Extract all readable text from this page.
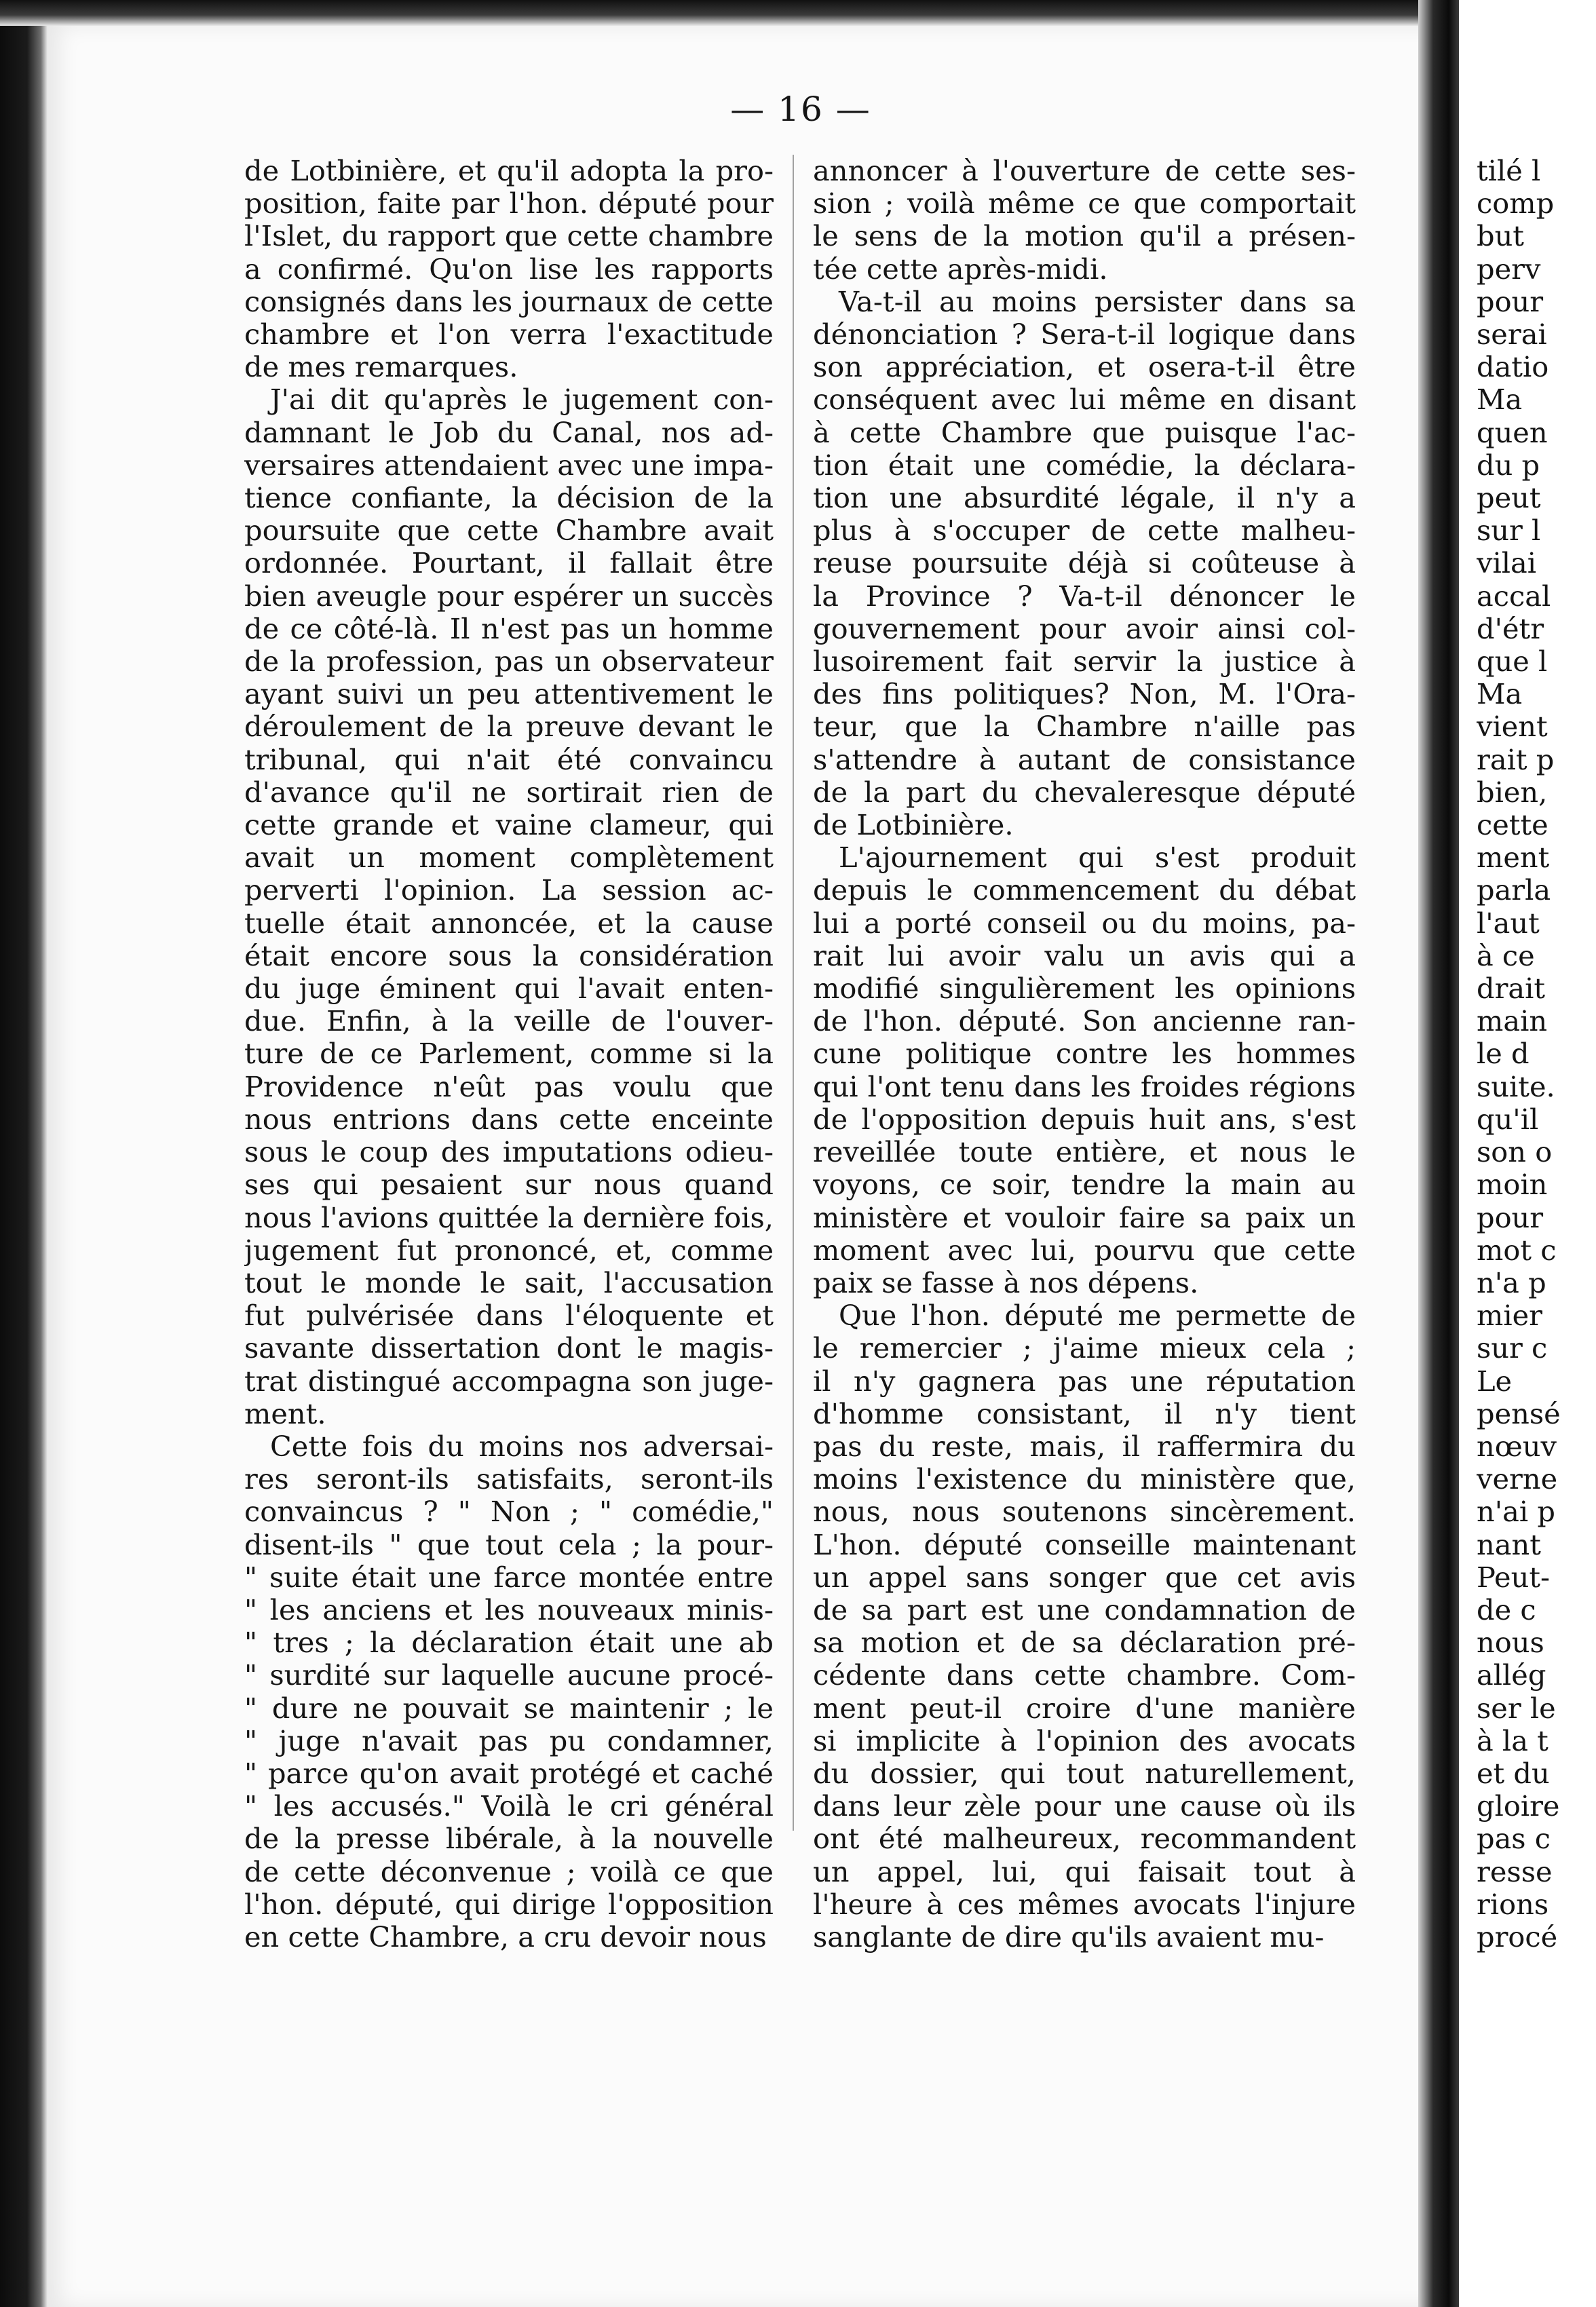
— 16 —
de Lotbinière, et qu'il adopta la pro-
position, faite par l'hon. député pour
l'Islet, du rapport que cette chambre
a confirmé. Qu'on lise les rapports
consignés dans les journaux de cette
chambre et l'on verra l'exactitude
de mes remarques.
J'ai dit qu'après le jugement con-
damnant le Job du Canal, nos ad-
versaires attendaient avec une impa-
tience confiante, la décision de la
poursuite que cette Chambre avait
ordonnée. Pourtant, il fallait être
bien aveugle pour espérer un succès
de ce côté-là. Il n'est pas un homme
de la profession, pas un observateur
ayant suivi un peu attentivement le
déroulement de la preuve devant le
tribunal, qui n'ait été convaincu
d'avance qu'il ne sortirait rien de
cette grande et vaine clameur, qui
avait un moment complètement
perverti l'opinion. La session ac-
tuelle était annoncée, et la cause
était encore sous la considération
du juge éminent qui l'avait enten-
due. Enfin, à la veille de l'ouver-
ture de ce Parlement, comme si la
Providence n'eût pas voulu que
nous entrions dans cette enceinte
sous le coup des imputations odieu-
ses qui pesaient sur nous quand
nous l'avions quittée la dernière fois,
jugement fut prononcé, et, comme
tout le monde le sait, l'accusation
fut pulvérisée dans l'éloquente et
savante dissertation dont le magis-
trat distingué accompagna son juge-
ment.
Cette fois du moins nos adversai-
res seront-ils satisfaits, seront-ils
convaincus ? " Non ; " comédie,"
disent-ils " que tout cela ; la pour-
" suite était une farce montée entre
" les anciens et les nouveaux minis-
" tres ; la déclaration était une ab
" surdité sur laquelle aucune procé-
" dure ne pouvait se maintenir ; le
" juge n'avait pas pu condamner,
" parce qu'on avait protégé et caché
" les accusés." Voilà le cri général
de la presse libérale, à la nouvelle
de cette déconvenue ; voilà ce que
l'hon. député, qui dirige l'opposition
en cette Chambre, a cru devoir nous
annoncer à l'ouverture de cette ses-
sion ; voilà même ce que comportait
le sens de la motion qu'il a présen-
tée cette après-midi.
Va-t-il au moins persister dans sa
dénonciation ? Sera-t-il logique dans
son appréciation, et osera-t-il être
conséquent avec lui même en disant
à cette Chambre que puisque l'ac-
tion était une comédie, la déclara-
tion une absurdité légale, il n'y a
plus à s'occuper de cette malheu-
reuse poursuite déjà si coûteuse à
la Province ? Va-t-il dénoncer le
gouvernement pour avoir ainsi col-
lusoirement fait servir la justice à
des fins politiques? Non, M. l'Ora-
teur, que la Chambre n'aille pas
s'attendre à autant de consistance
de la part du chevaleresque député
de Lotbinière.
L'ajournement qui s'est produit
depuis le commencement du débat
lui a porté conseil ou du moins, pa-
rait lui avoir valu un avis qui a
modifié singulièrement les opinions
de l'hon. député. Son ancienne ran-
cune politique contre les hommes
qui l'ont tenu dans les froides régions
de l'opposition depuis huit ans, s'est
reveillée toute entière, et nous le
voyons, ce soir, tendre la main au
ministère et vouloir faire sa paix un
moment avec lui, pourvu que cette
paix se fasse à nos dépens.
Que l'hon. député me permette de
le remercier ; j'aime mieux cela ;
il n'y gagnera pas une réputation
d'homme consistant, il n'y tient
pas du reste, mais, il raffermira du
moins l'existence du ministère que,
nous, nous soutenons sincèrement.
L'hon. député conseille maintenant
un appel sans songer que cet avis
de sa part est une condamnation de
sa motion et de sa déclaration pré-
cédente dans cette chambre. Com-
ment peut-il croire d'une manière
si implicite à l'opinion des avocats
du dossier, qui tout naturellement,
dans leur zèle pour une cause où ils
ont été malheureux, recommandent
un appel, lui, qui faisait tout à
l'heure à ces mêmes avocats l'injure
sanglante de dire qu'ils avaient mu-
tilé l
comp
but
perv
pour
serai
datio
Ma
quen
du p
peut
sur l
vilai
accal
d'étr
que l
Ma
vient
rait p
bien,
cette
ment
parla
l'aut
à ce
drait
main
le d
suite.
qu'il
son o
moin
pour
mot c
n'a p
mier
sur c
Le
pensé
nœuv
verne
n'ai p
nant
Peut-
de c
nous
allég
ser le
à la t
et du
gloire
pas c
resse
rions
procé
